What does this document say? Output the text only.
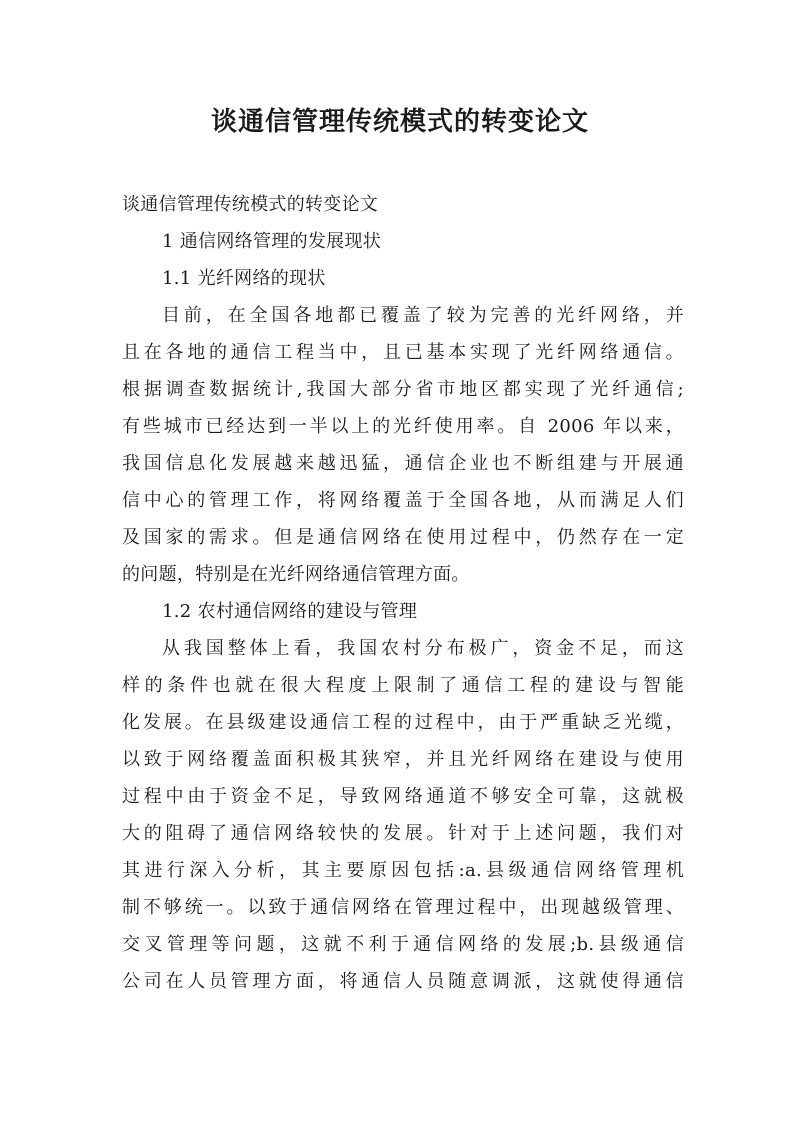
谈通信管理传统模式的转变论文

谈通信管理传统模式的转变论文

1 通信网络管理的发展现状

1.1 光纤网络的现状

目前，在全国各地都已覆盖了较为完善的光纤网络，并

且在各地的通信工程当中，且已基本实现了光纤网络通信。

根据调查数据统计,我国大部分省市地区都实现了光纤通信;

有些城市已经达到一半以上的光纤使用率。自 2006 年以来，

我国信息化发展越来越迅猛，通信企业也不断组建与开展通

信中心的管理工作，将网络覆盖于全国各地，从而满足人们

及国家的需求。但是通信网络在使用过程中，仍然存在一定

的问题，特别是在光纤网络通信管理方面。

1.2 农村通信网络的建设与管理

从我国整体上看，我国农村分布极广，资金不足，而这

样的条件也就在很大程度上限制了通信工程的建设与智能

化发展。在县级建设通信工程的过程中，由于严重缺乏光缆，

以致于网络覆盖面积极其狭窄，并且光纤网络在建设与使用

过程中由于资金不足，导致网络通道不够安全可靠，这就极

大的阻碍了通信网络较快的发展。针对于上述问题，我们对

其进行深入分析，其主要原因包括:a.县级通信网络管理机

制不够统一。以致于通信网络在管理过程中，出现越级管理、

交叉管理等问题，这就不利于通信网络的发展;b.县级通信

公司在人员管理方面，将通信人员随意调派，这就使得通信
